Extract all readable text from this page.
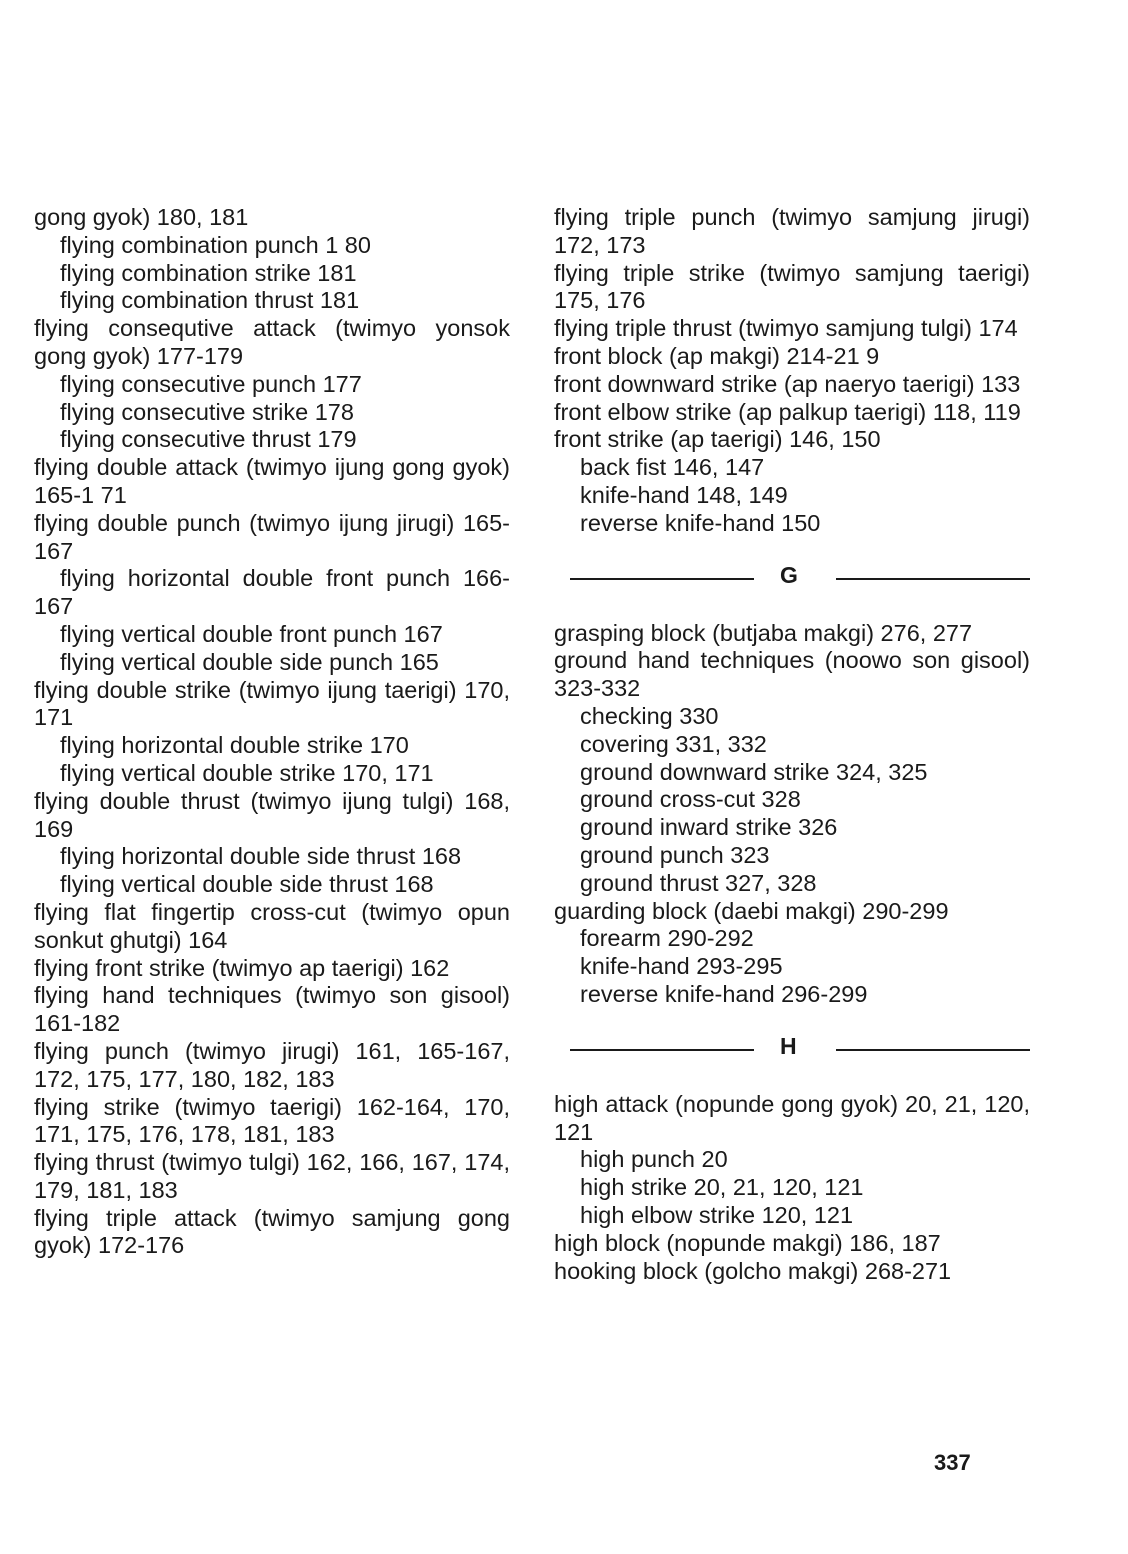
gong gyok) 180, 181
flying combination punch 1 80
flying combination strike 181
flying combination thrust 181
flying consequtive attack (twimyo yonsok gong gyok) 177-179
flying consecutive punch 177
flying consecutive strike 178
flying consecutive thrust 179
flying double attack (twimyo ijung gong gyok) 165-1 71
flying double punch (twimyo ijung jirugi) 165-167
flying horizontal double front punch 166-167
flying vertical double front punch 167
flying vertical double side punch 165
flying double strike (twimyo ijung taerigi) 170, 171
flying horizontal double strike 170
flying vertical double strike 170, 171
flying double thrust (twimyo ijung tulgi) 168, 169
flying horizontal double side thrust 168
flying vertical double side thrust 168
flying flat fingertip cross-cut (twimyo opun sonkut ghutgi) 164
flying front strike (twimyo ap taerigi) 162
flying hand techniques (twimyo son gisool) 161-182
flying punch (twimyo jirugi) 161, 165-167, 172, 175, 177, 180, 182, 183
flying strike (twimyo taerigi) 162-164, 170, 171, 175, 176, 178, 181, 183
flying thrust (twimyo tulgi) 162, 166, 167, 174, 179, 181, 183
flying triple attack (twimyo samjung gong gyok) 172-176
flying triple punch (twimyo samjung jirugi) 172, 173
flying triple strike (twimyo samjung taerigi) 175, 176
flying triple thrust (twimyo samjung tulgi) 174
front block (ap makgi) 214-21 9
front downward strike (ap naeryo taerigi) 133
front elbow strike (ap palkup taerigi) 118, 119
front strike (ap taerigi) 146, 150
back fist 146, 147
knife-hand 148, 149
reverse knife-hand 150
G
grasping block (butjaba makgi) 276, 277
ground hand techniques (noowo son gisool) 323-332
checking 330
covering 331, 332
ground downward strike 324, 325
ground cross-cut 328
ground inward strike 326
ground punch 323
ground thrust 327, 328
guarding block (daebi makgi) 290-299
forearm 290-292
knife-hand 293-295
reverse knife-hand 296-299
H
high attack (nopunde gong gyok) 20, 21, 120, 121
high punch 20
high strike 20, 21, 120, 121
high elbow strike 120, 121
high block (nopunde makgi) 186, 187
hooking block (golcho makgi) 268-271
337
